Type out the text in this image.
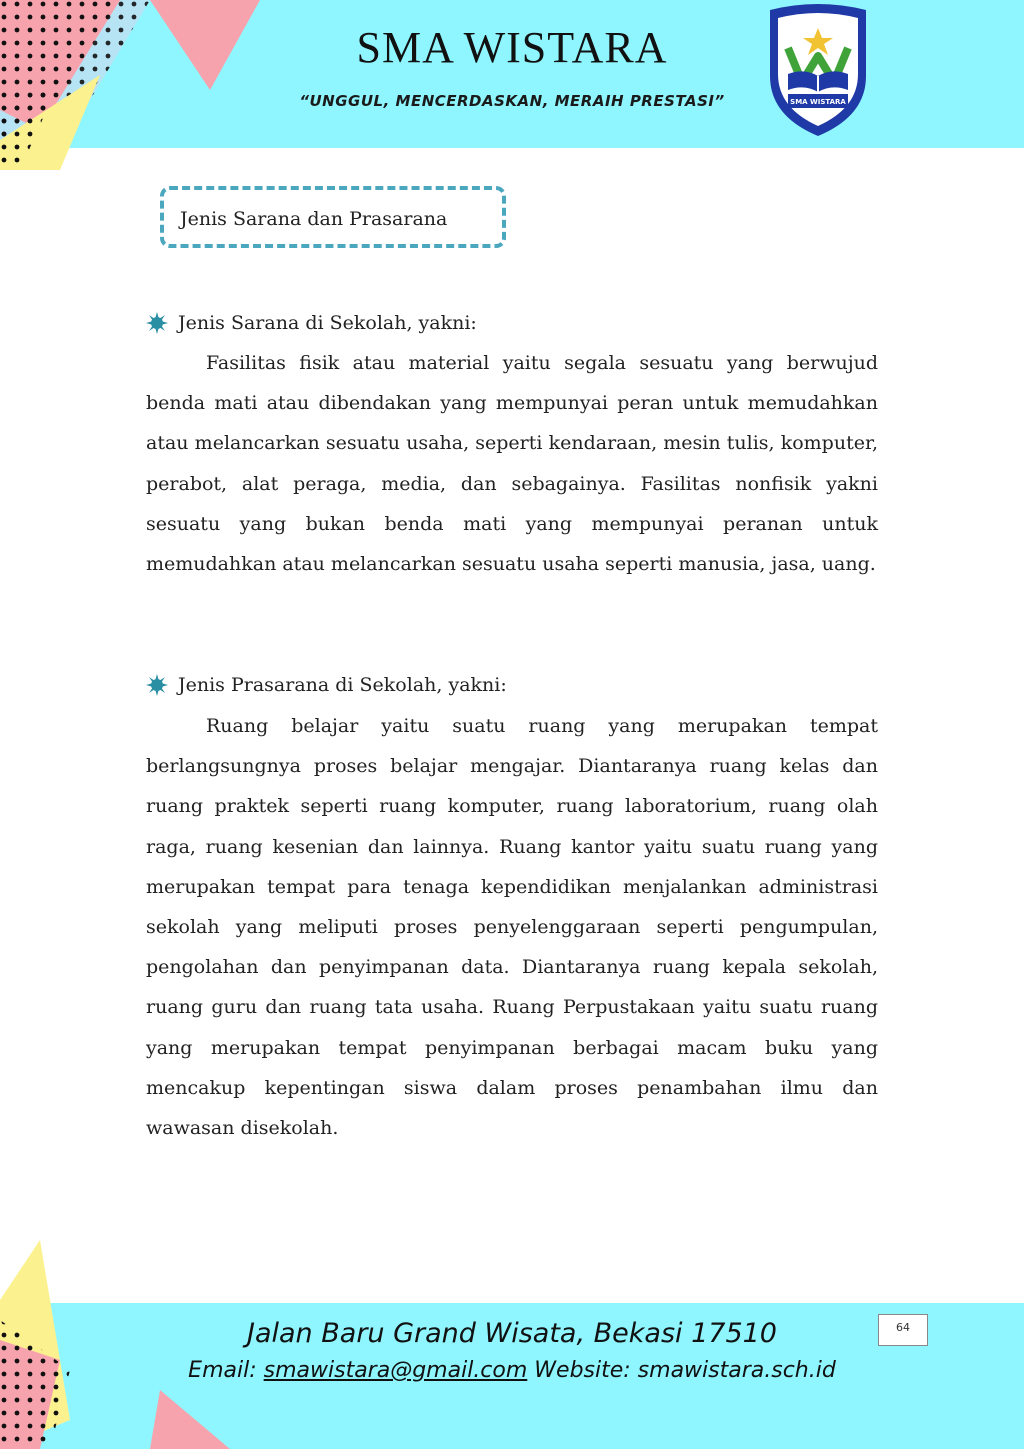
SMA WISTARA
“UNGGUL, MENCERDASKAN, MERAIH PRESTASI”	SMA WISTARA
Jenis Sarana dan Prasarana
Jenis Sarana di Sekolah, yakni:

Fasilitas fisik atau material yaitu segala sesuatu yang berwujud benda mati atau dibendakan yang mempunyai peran untuk memudahkan atau melancarkan sesuatu usaha, seperti kendaraan, mesin tulis, komputer, perabot, alat peraga, media, dan sebagainya. Fasilitas nonfisik yakni sesuatu yang bukan benda mati yang mempunyai peranan untuk memudahkan atau melancarkan sesuatu usaha seperti manusia, jasa, uang.

Jenis Prasarana di Sekolah, yakni:

Ruang belajar yaitu suatu ruang yang merupakan tempat berlangsungnya proses belajar mengajar. Diantaranya ruang kelas dan ruang praktek seperti ruang komputer, ruang laboratorium, ruang olah raga, ruang kesenian dan lainnya. Ruang kantor yaitu suatu ruang yang merupakan tempat para tenaga kependidikan menjalankan administrasi sekolah yang meliputi proses penyelenggaraan seperti pengumpulan, pengolahan dan penyimpanan data. Diantaranya ruang kepala sekolah, ruang guru dan ruang tata usaha. Ruang Perpustakaan yaitu suatu ruang yang merupakan tempat penyimpanan berbagai macam buku yang mencakup kepentingan siswa dalam proses penambahan ilmu dan wawasan disekolah.

Jalan Baru Grand Wisata, Bekasi 17510
Email: smawistara@gmail.com Website: smawistara.sch.id
64
